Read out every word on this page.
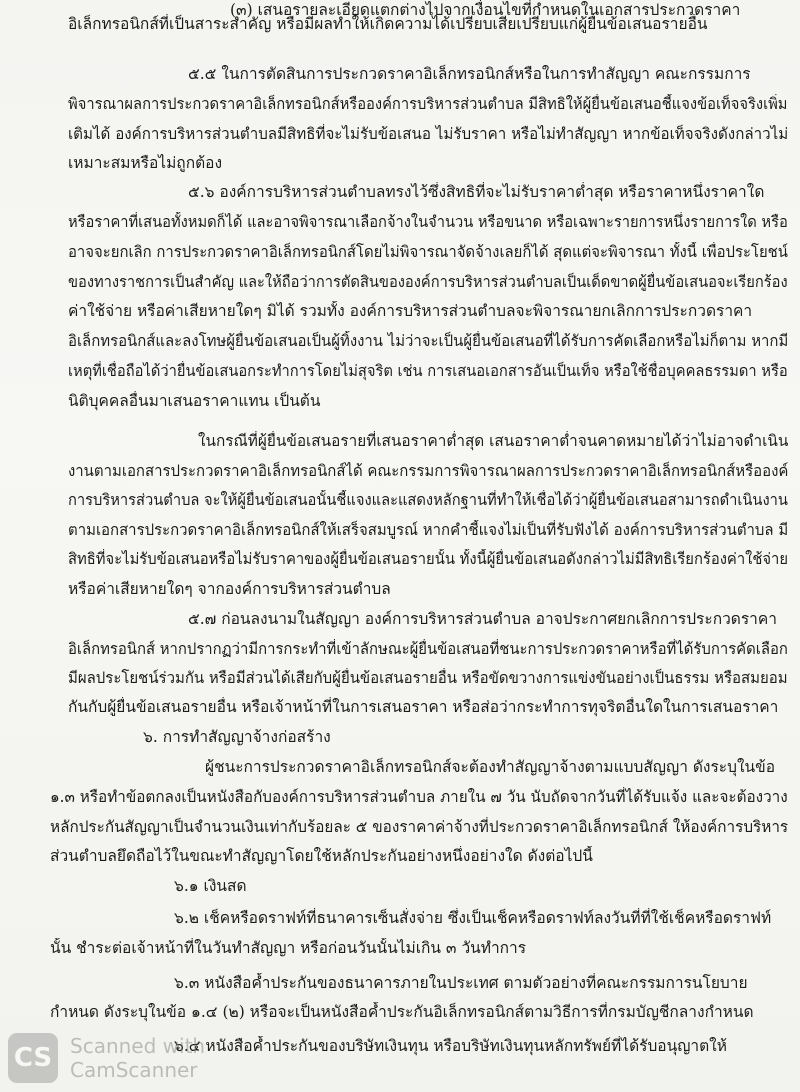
(๓) เสนอรายละเอียดแตกต่างไปจากเงื่อนไขที่กำหนดในเอกสารประกวดราคา
อิเล็กทรอนิกส์ที่เป็นสาระสำคัญ หรือมีผลทำให้เกิดความได้เปรียบเสียเปรียบแก่ผู้ยื่นข้อเสนอรายอื่น
๕.๕ ในการตัดสินการประกวดราคาอิเล็กทรอนิกส์หรือในการทำสัญญา คณะกรรมการ
พิจารณาผลการประกวดราคาอิเล็กทรอนิกส์หรือองค์การบริหารส่วนตำบล มีสิทธิให้ผู้ยื่นข้อเสนอชี้แจงข้อเท็จจริงเพิ่ม
เติมได้ องค์การบริหารส่วนตำบลมีสิทธิที่จะไม่รับข้อเสนอ ไม่รับราคา หรือไม่ทำสัญญา หากข้อเท็จจริงดังกล่าวไม่
เหมาะสมหรือไม่ถูกต้อง
๕.๖ องค์การบริหารส่วนตำบลทรงไว้ซึ่งสิทธิที่จะไม่รับราคาต่ำสุด หรือราคาหนึ่งราคาใด
หรือราคาที่เสนอทั้งหมดก็ได้ และอาจพิจารณาเลือกจ้างในจำนวน หรือขนาด หรือเฉพาะรายการหนึ่งรายการใด หรือ
อาจจะยกเลิก การประกวดราคาอิเล็กทรอนิกส์โดยไม่พิจารณาจัดจ้างเลยก็ได้ สุดแต่จะพิจารณา ทั้งนี้ เพื่อประโยชน์
ของทางราชการเป็นสำคัญ และให้ถือว่าการตัดสินขององค์การบริหารส่วนตำบลเป็นเด็ดขาดผู้ยื่นข้อเสนอจะเรียกร้อง
ค่าใช้จ่าย หรือค่าเสียหายใดๆ มิได้ รวมทั้ง องค์การบริหารส่วนตำบลจะพิจารณายกเลิกการประกวดราคา
อิเล็กทรอนิกส์และลงโทษผู้ยื่นข้อเสนอเป็นผู้ทิ้งงาน ไม่ว่าจะเป็นผู้ยื่นข้อเสนอที่ได้รับการคัดเลือกหรือไม่ก็ตาม หากมี
เหตุที่เชื่อถือได้ว่ายื่นข้อเสนอกระทำการโดยไม่สุจริต เช่น การเสนอเอกสารอันเป็นเท็จ หรือใช้ชื่อบุคคลธรรมดา หรือ
นิติบุคคลอื่นมาเสนอราคาแทน เป็นต้น
ในกรณีที่ผู้ยื่นข้อเสนอรายที่เสนอราคาต่ำสุด เสนอราคาต่ำจนคาดหมายได้ว่าไม่อาจดำเนิน
งานตามเอกสารประกวดราคาอิเล็กทรอนิกส์ได้ คณะกรรมการพิจารณาผลการประกวดราคาอิเล็กทรอนิกส์หรือองค์
การบริหารส่วนตำบล จะให้ผู้ยื่นข้อเสนอนั้นชี้แจงและแสดงหลักฐานที่ทำให้เชื่อได้ว่าผู้ยื่นข้อเสนอสามารถดำเนินงาน
ตามเอกสารประกวดราคาอิเล็กทรอนิกส์ให้เสร็จสมบูรณ์ หากคำชี้แจงไม่เป็นที่รับฟังได้ องค์การบริหารส่วนตำบล มี
สิทธิที่จะไม่รับข้อเสนอหรือไม่รับราคาของผู้ยื่นข้อเสนอรายนั้น ทั้งนี้ผู้ยื่นข้อเสนอดังกล่าวไม่มีสิทธิเรียกร้องค่าใช้จ่าย
หรือค่าเสียหายใดๆ จากองค์การบริหารส่วนตำบล
๕.๗ ก่อนลงนามในสัญญา องค์การบริหารส่วนตำบล อาจประกาศยกเลิกการประกวดราคา
อิเล็กทรอนิกส์ หากปรากฏว่ามีการกระทำที่เข้าลักษณะผู้ยื่นข้อเสนอที่ชนะการประกวดราคาหรือที่ได้รับการคัดเลือก
มีผลประโยชน์ร่วมกัน หรือมีส่วนได้เสียกับผู้ยื่นข้อเสนอรายอื่น หรือขัดขวางการแข่งขันอย่างเป็นธรรม หรือสมยอม
กันกับผู้ยื่นข้อเสนอรายอื่น หรือเจ้าหน้าที่ในการเสนอราคา หรือส่อว่ากระทำการทุจริตอื่นใดในการเสนอราคา
๖. การทำสัญญาจ้างก่อสร้าง
ผู้ชนะการประกวดราคาอิเล็กทรอนิกส์จะต้องทำสัญญาจ้างตามแบบสัญญา ดังระบุในข้อ
๑.๓ หรือทำข้อตกลงเป็นหนังสือกับองค์การบริหารส่วนตำบล ภายใน ๗ วัน นับถัดจากวันที่ได้รับแจ้ง และจะต้องวาง
หลักประกันสัญญาเป็นจำนวนเงินเท่ากับร้อยละ ๕ ของราคาค่าจ้างที่ประกวดราคาอิเล็กทรอนิกส์ ให้องค์การบริหาร
ส่วนตำบลยึดถือไว้ในขณะทำสัญญาโดยใช้หลักประกันอย่างหนึ่งอย่างใด ดังต่อไปนี้
๖.๑ เงินสด
๖.๒ เช็คหรือดราฟท์ที่ธนาคารเซ็นสั่งจ่าย ซึ่งเป็นเช็คหรือดราฟท์ลงวันที่ที่ใช้เช็คหรือดราฟท์
นั้น ชำระต่อเจ้าหน้าที่ในวันทำสัญญา หรือก่อนวันนั้นไม่เกิน ๓ วันทำการ
๖.๓ หนังสือค้ำประกันของธนาคารภายในประเทศ ตามตัวอย่างที่คณะกรรมการนโยบาย
กำหนด ดังระบุในข้อ ๑.๔ (๒) หรือจะเป็นหนังสือค้ำประกันอิเล็กทรอนิกส์ตามวิธีการที่กรมบัญชีกลางกำหนด
๖.๔ หนังสือค้ำประกันของบริษัทเงินทุน หรือบริษัทเงินทุนหลักทรัพย์ที่ได้รับอนุญาตให้
CS Scanned with
CamScanner
